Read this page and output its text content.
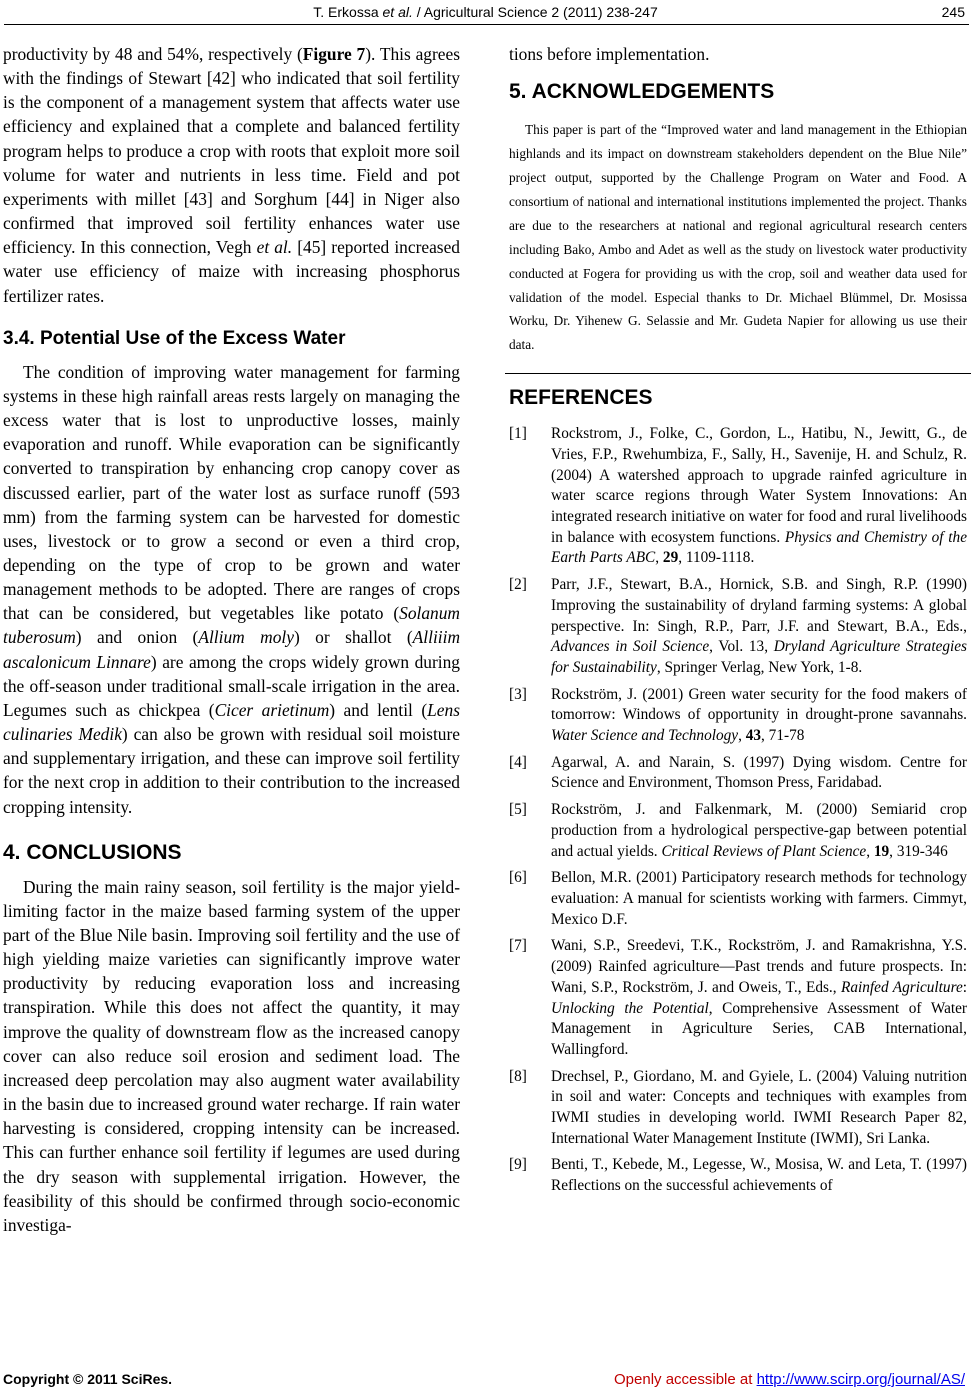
T. Erkossa et al. / Agricultural Science 2 (2011) 238-247	245

productivity by 48 and 54%, respectively (Figure 7). This agrees with the findings of Stewart [42] who indicated that soil fertility is the component of a management system that affects water use efficiency and explained that a complete and balanced fertility program helps to produce a crop with roots that exploit more soil volume for water and nutrients in less time. Field and pot experiments with millet [43] and Sorghum [44] in Niger also confirmed that improved soil fertility enhances water use efficiency. In this connection, Vegh et al. [45] reported increased water use efficiency of maize with increasing phosphorus fertilizer rates.

3.4. Potential Use of the Excess Water

The condition of improving water management for farming systems in these high rainfall areas rests largely on managing the excess water that is lost to unproductive losses, mainly evaporation and runoff. While evaporation can be significantly converted to transpiration by enhancing crop canopy cover as discussed earlier, part of the water lost as surface runoff (593 mm) from the farming system can be harvested for domestic uses, livestock or to grow a second or even a third crop, depending on the type of crop to be grown and water management methods to be adopted. There are ranges of crops that can be considered, but vegetables like potato (Solanum tuberosum) and onion (Allium moly) or shallot (Alliiim ascalonicum Linnare) are among the crops widely grown during the off-season under traditional small-scale irrigation in the area. Legumes such as chickpea (Cicer arietinum) and lentil (Lens culinaries Medik) can also be grown with residual soil moisture and supplementary irrigation, and these can improve soil fertility for the next crop in addition to their contribution to the increased cropping intensity.

4. CONCLUSIONS

During the main rainy season, soil fertility is the major yield-limiting factor in the maize based farming system of the upper part of the Blue Nile basin. Improving soil fertility and the use of high yielding maize varieties can significantly improve water productivity by reducing evaporation loss and increasing transpiration. While this does not affect the quantity, it may improve the quality of downstream flow as the increased canopy cover can also reduce soil erosion and sediment load. The increased deep percolation may also augment water availability in the basin due to increased ground water recharge. If rain water harvesting is considered, cropping intensity can be increased. This can further enhance soil fertility if legumes are used during the dry season with supplemental irrigation. However, the feasibility of this should be confirmed through socio-economic investiga-

tions before implementation.

5. ACKNOWLEDGEMENTS

This paper is part of the “Improved water and land management in the Ethiopian highlands and its impact on downstream stakeholders dependent on the Blue Nile” project output, supported by the Challenge Program on Water and Food. A consortium of national and international institutions implemented the project. Thanks are due to the researchers at national and regional agricultural research centers including Bako, Ambo and Adet as well as the study on livestock water productivity conducted at Fogera for providing us with the crop, soil and weather data used for validation of the model. Especial thanks to Dr. Michael Blümmel, Dr. Mosissa Worku, Dr. Yihenew G. Selassie and Mr. Gudeta Napier for allowing us use their data.

REFERENCES
[1] Rockstrom, J., Folke, C., Gordon, L., Hatibu, N., Jewitt, G., de Vries, F.P., Rwehumbiza, F., Sally, H., Savenije, H. and Schulz, R. (2004) A watershed approach to upgrade rainfed agriculture in water scarce regions through Water System Innovations: An integrated research initiative on water for food and rural livelihoods in balance with ecosystem functions. Physics and Chemistry of the Earth Parts ABC, 29, 1109-1118.
[2] Parr, J.F., Stewart, B.A., Hornick, S.B. and Singh, R.P. (1990) Improving the sustainability of dryland farming systems: A global perspective. In: Singh, R.P., Parr, J.F. and Stewart, B.A., Eds., Advances in Soil Science, Vol. 13, Dryland Agriculture Strategies for Sustainability, Springer Verlag, New York, 1-8.
[3] Rockström, J. (2001) Green water security for the food makers of tomorrow: Windows of opportunity in drought-prone savannahs. Water Science and Technology, 43, 71-78
[4] Agarwal, A. and Narain, S. (1997) Dying wisdom. Centre for Science and Environment, Thomson Press, Faridabad.
[5] Rockström, J. and Falkenmark, M. (2000) Semiarid crop production from a hydrological perspective-gap between potential and actual yields. Critical Reviews of Plant Science, 19, 319-346
[6] Bellon, M.R. (2001) Participatory research methods for technology evaluation: A manual for scientists working with farmers. Cimmyt, Mexico D.F.
[7] Wani, S.P., Sreedevi, T.K., Rockström, J. and Ramakrishna, Y.S. (2009) Rainfed agriculture—Past trends and future prospects. In: Wani, S.P., Rockström, J. and Oweis, T., Eds., Rainfed Agriculture: Unlocking the Potential, Comprehensive Assessment of Water Management in Agriculture Series, CAB International, Wallingford.
[8] Drechsel, P., Giordano, M. and Gyiele, L. (2004) Valuing nutrition in soil and water: Concepts and techniques with examples from IWMI studies in developing world. IWMI Research Paper 82, International Water Management Institute (IWMI), Sri Lanka.
[9] Benti, T., Kebede, M., Legesse, W., Mosisa, W. and Leta, T. (1997) Reflections on the successful achievements of
Copyright © 2011 SciRes.	Openly accessible at http://www.scirp.org/journal/AS/
